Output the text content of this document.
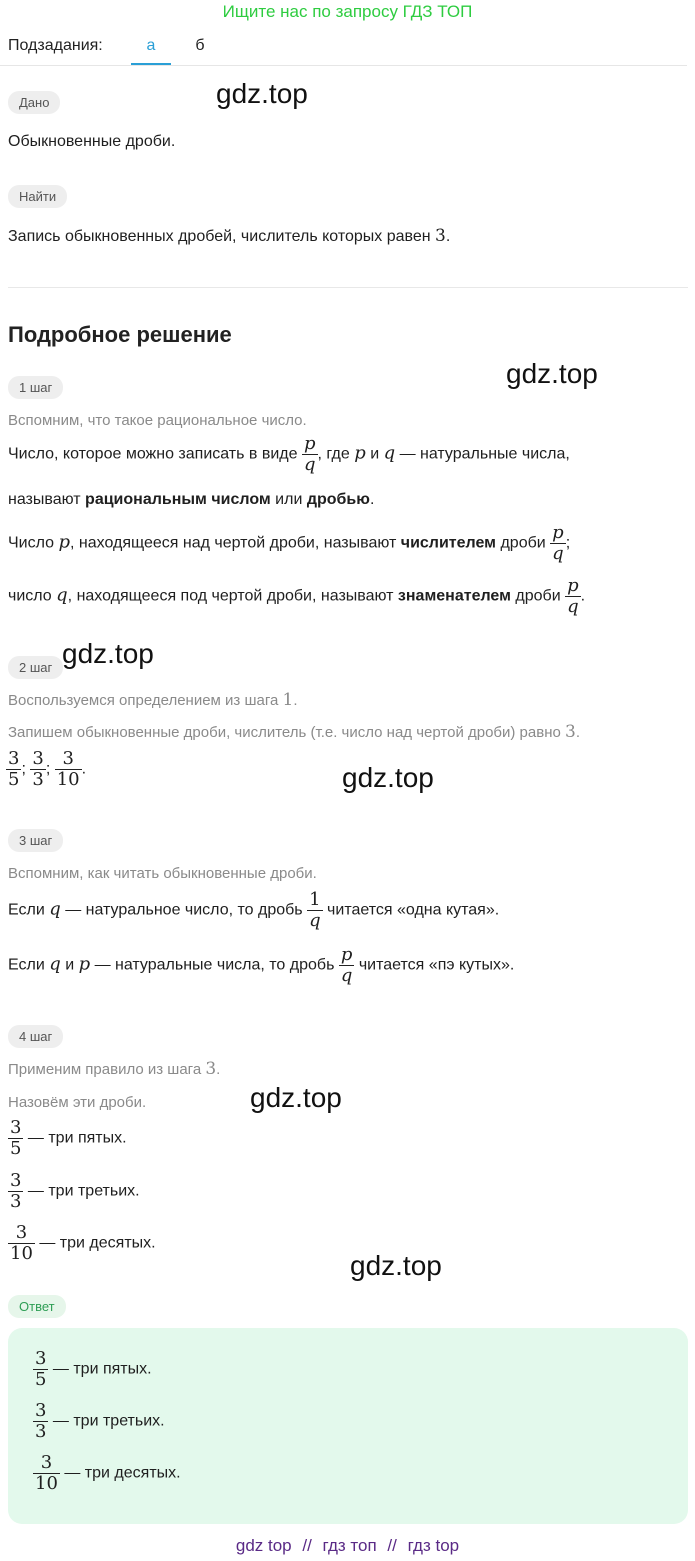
Ищите нас по запросу ГДЗ ТОП
Подзадания:	а	б
Дано	gdz.top
Обыкновенные дроби.
Найти
Запись обыкновенных дробей, числитель которых равен 3.
Подробное решение
1 шаг	gdz.top
Вспомним, что такое рациональное число.
Число, которое можно записать в виде $\frac{p}{q}$ , где p и q — натуральные числа,
называют рациональным числом или дробью.
Число p, находящееся над чертой дроби, называют числителем дроби $\frac{p}{q}$ ;
число q, находящееся под чертой дроби, называют знаменателем дроби $\frac{p}{q}$ .
2 шаг gdz.top
Воспользуемся определением из шага 1.
Запишем обыкновенные дроби, числитель (т.е. число над чертой дроби) равно 3.
$\frac{3}{5}$ ; $\frac{3}{3}$ ; $\frac{3}{10}$ .	gdz.top
3 шаг
Вспомним, как читать обыкновенные дроби.
Если q — натуральное число, то дробь $\frac{1}{q}$ читается «одна кутая».
Если q и p — натуральные числа, то дробь $\frac{p}{q}$ читается «пэ кутых».
4 шаг
Применим правило из шага 3.
gdz.top
Назовём эти дроби.
$\frac{3}{5}$ — три пятых.
$\frac{3}{3}$ — три третьих.
$\frac{3}{10}$ — три десятых.
gdz.top
Ответ
$\frac{3}{5}$ — три пятых.
$\frac{3}{3}$ — три третьих.
$\frac{3}{10}$ — три десятых.
gdz top // гдз топ // гдз top
